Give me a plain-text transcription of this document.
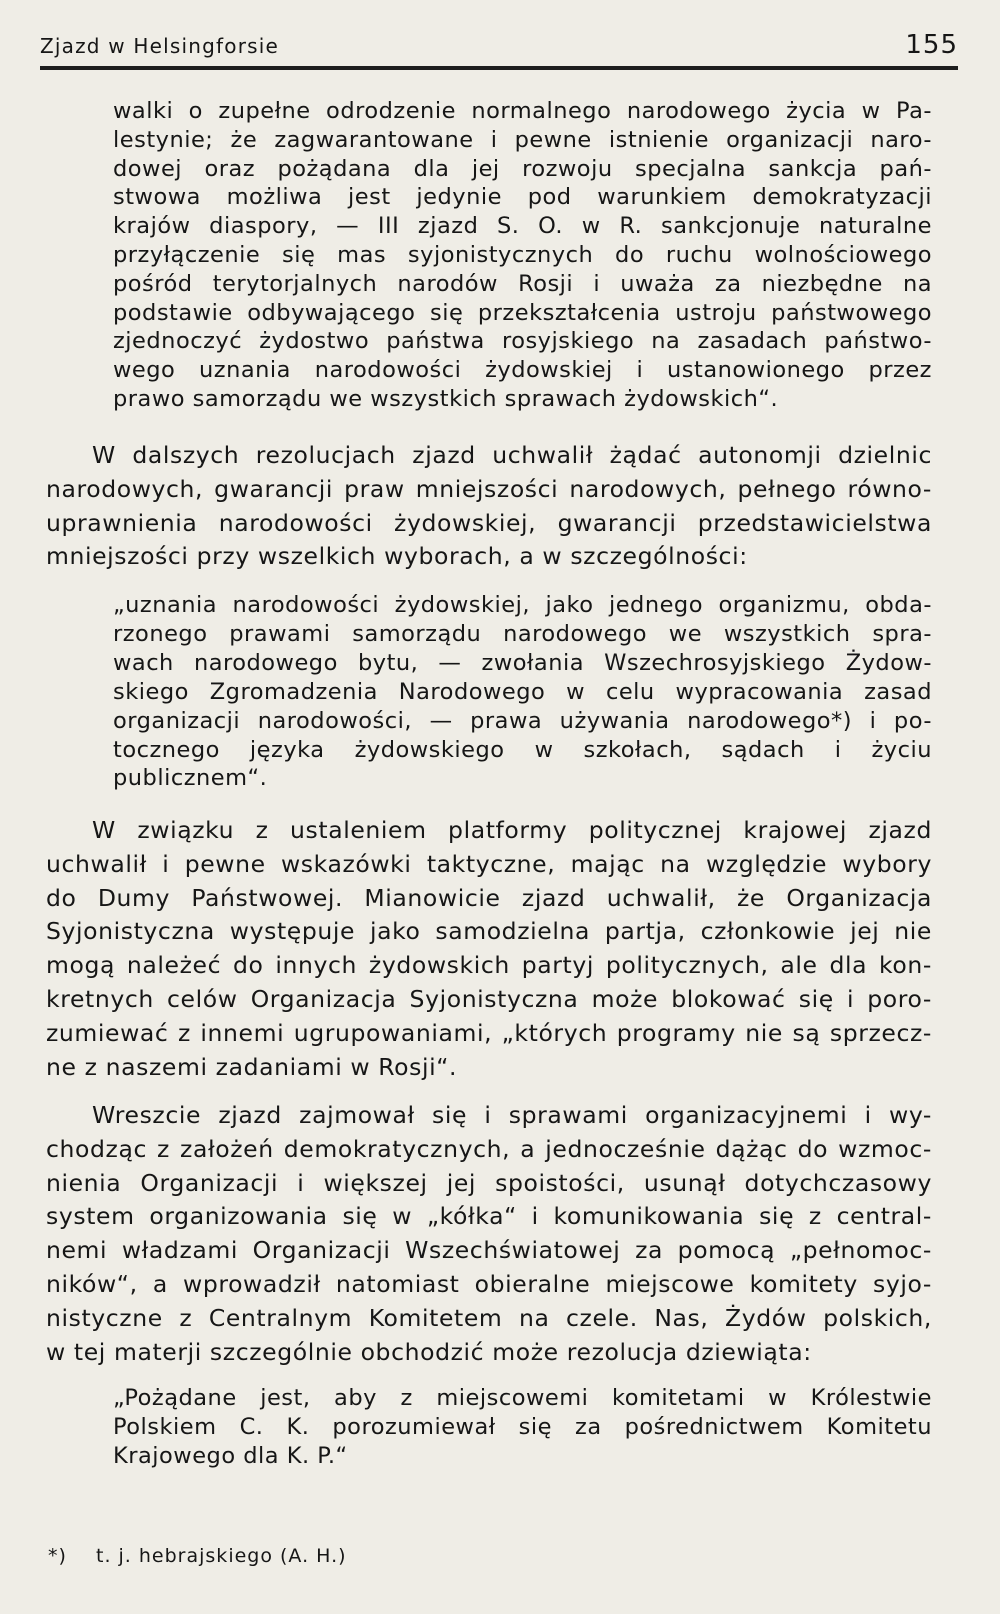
Zjazd w Helsingforsie	155
walki o zupełne odrodzenie normalnego narodowego życia w Pa-
lestynie; że zagwarantowane i pewne istnienie organizacji naro-
dowej oraz pożądana dla jej rozwoju specjalna sankcja pań-
stwowa możliwa jest jedynie pod warunkiem demokratyzacji
krajów diaspory, — III zjazd S. O. w R. sankcjonuje naturalne
przyłączenie się mas syjonistycznych do ruchu wolnościowego
pośród terytorjalnych narodów Rosji i uważa za niezbędne na
podstawie odbywającego się przekształcenia ustroju państwowego
zjednoczyć żydostwo państwa rosyjskiego na zasadach państwo-
wego uznania narodowości żydowskiej i ustanowionego przez
prawo samorządu we wszystkich sprawach żydowskich“.
W dalszych rezolucjach zjazd uchwalił żądać autonomji dzielnic
narodowych, gwarancji praw mniejszości narodowych, pełnego równo-
uprawnienia narodowości żydowskiej, gwarancji przedstawicielstwa
mniejszości przy wszelkich wyborach, a w szczególności:
„uznania narodowości żydowskiej, jako jednego organizmu, obda-
rzonego prawami samorządu narodowego we wszystkich spra-
wach narodowego bytu, — zwołania Wszechrosyjskiego Żydow-
skiego Zgromadzenia Narodowego w celu wypracowania zasad
organizacji narodowości, — prawa używania narodowego*) i po-
tocznego języka żydowskiego w szkołach, sądach i życiu
publicznem“.
W związku z ustaleniem platformy politycznej krajowej zjazd
uchwalił i pewne wskazówki taktyczne, mając na względzie wybory
do Dumy Państwowej. Mianowicie zjazd uchwalił, że Organizacja
Syjonistyczna występuje jako samodzielna partja, członkowie jej nie
mogą należeć do innych żydowskich partyj politycznych, ale dla kon-
kretnych celów Organizacja Syjonistyczna może blokować się i poro-
zumiewać z innemi ugrupowaniami, „których programy nie są sprzecz-
ne z naszemi zadaniami w Rosji“.
Wreszcie zjazd zajmował się i sprawami organizacyjnemi i wy-
chodząc z założeń demokratycznych, a jednocześnie dążąc do wzmoc-
nienia Organizacji i większej jej spoistości, usunął dotychczasowy
system organizowania się w „kółka“ i komunikowania się z central-
nemi władzami Organizacji Wszechświatowej za pomocą „pełnomoc-
ników“, a wprowadził natomiast obieralne miejscowe komitety syjo-
nistyczne z Centralnym Komitetem na czele. Nas, Żydów polskich,
w tej materji szczególnie obchodzić może rezolucja dziewiąta:
„Pożądane jest, aby z miejscowemi komitetami w Królestwie
Polskiem C. K. porozumiewał się za pośrednictwem Komitetu
Krajowego dla K. P.“
*) t. j. hebrajskiego (A. H.)
